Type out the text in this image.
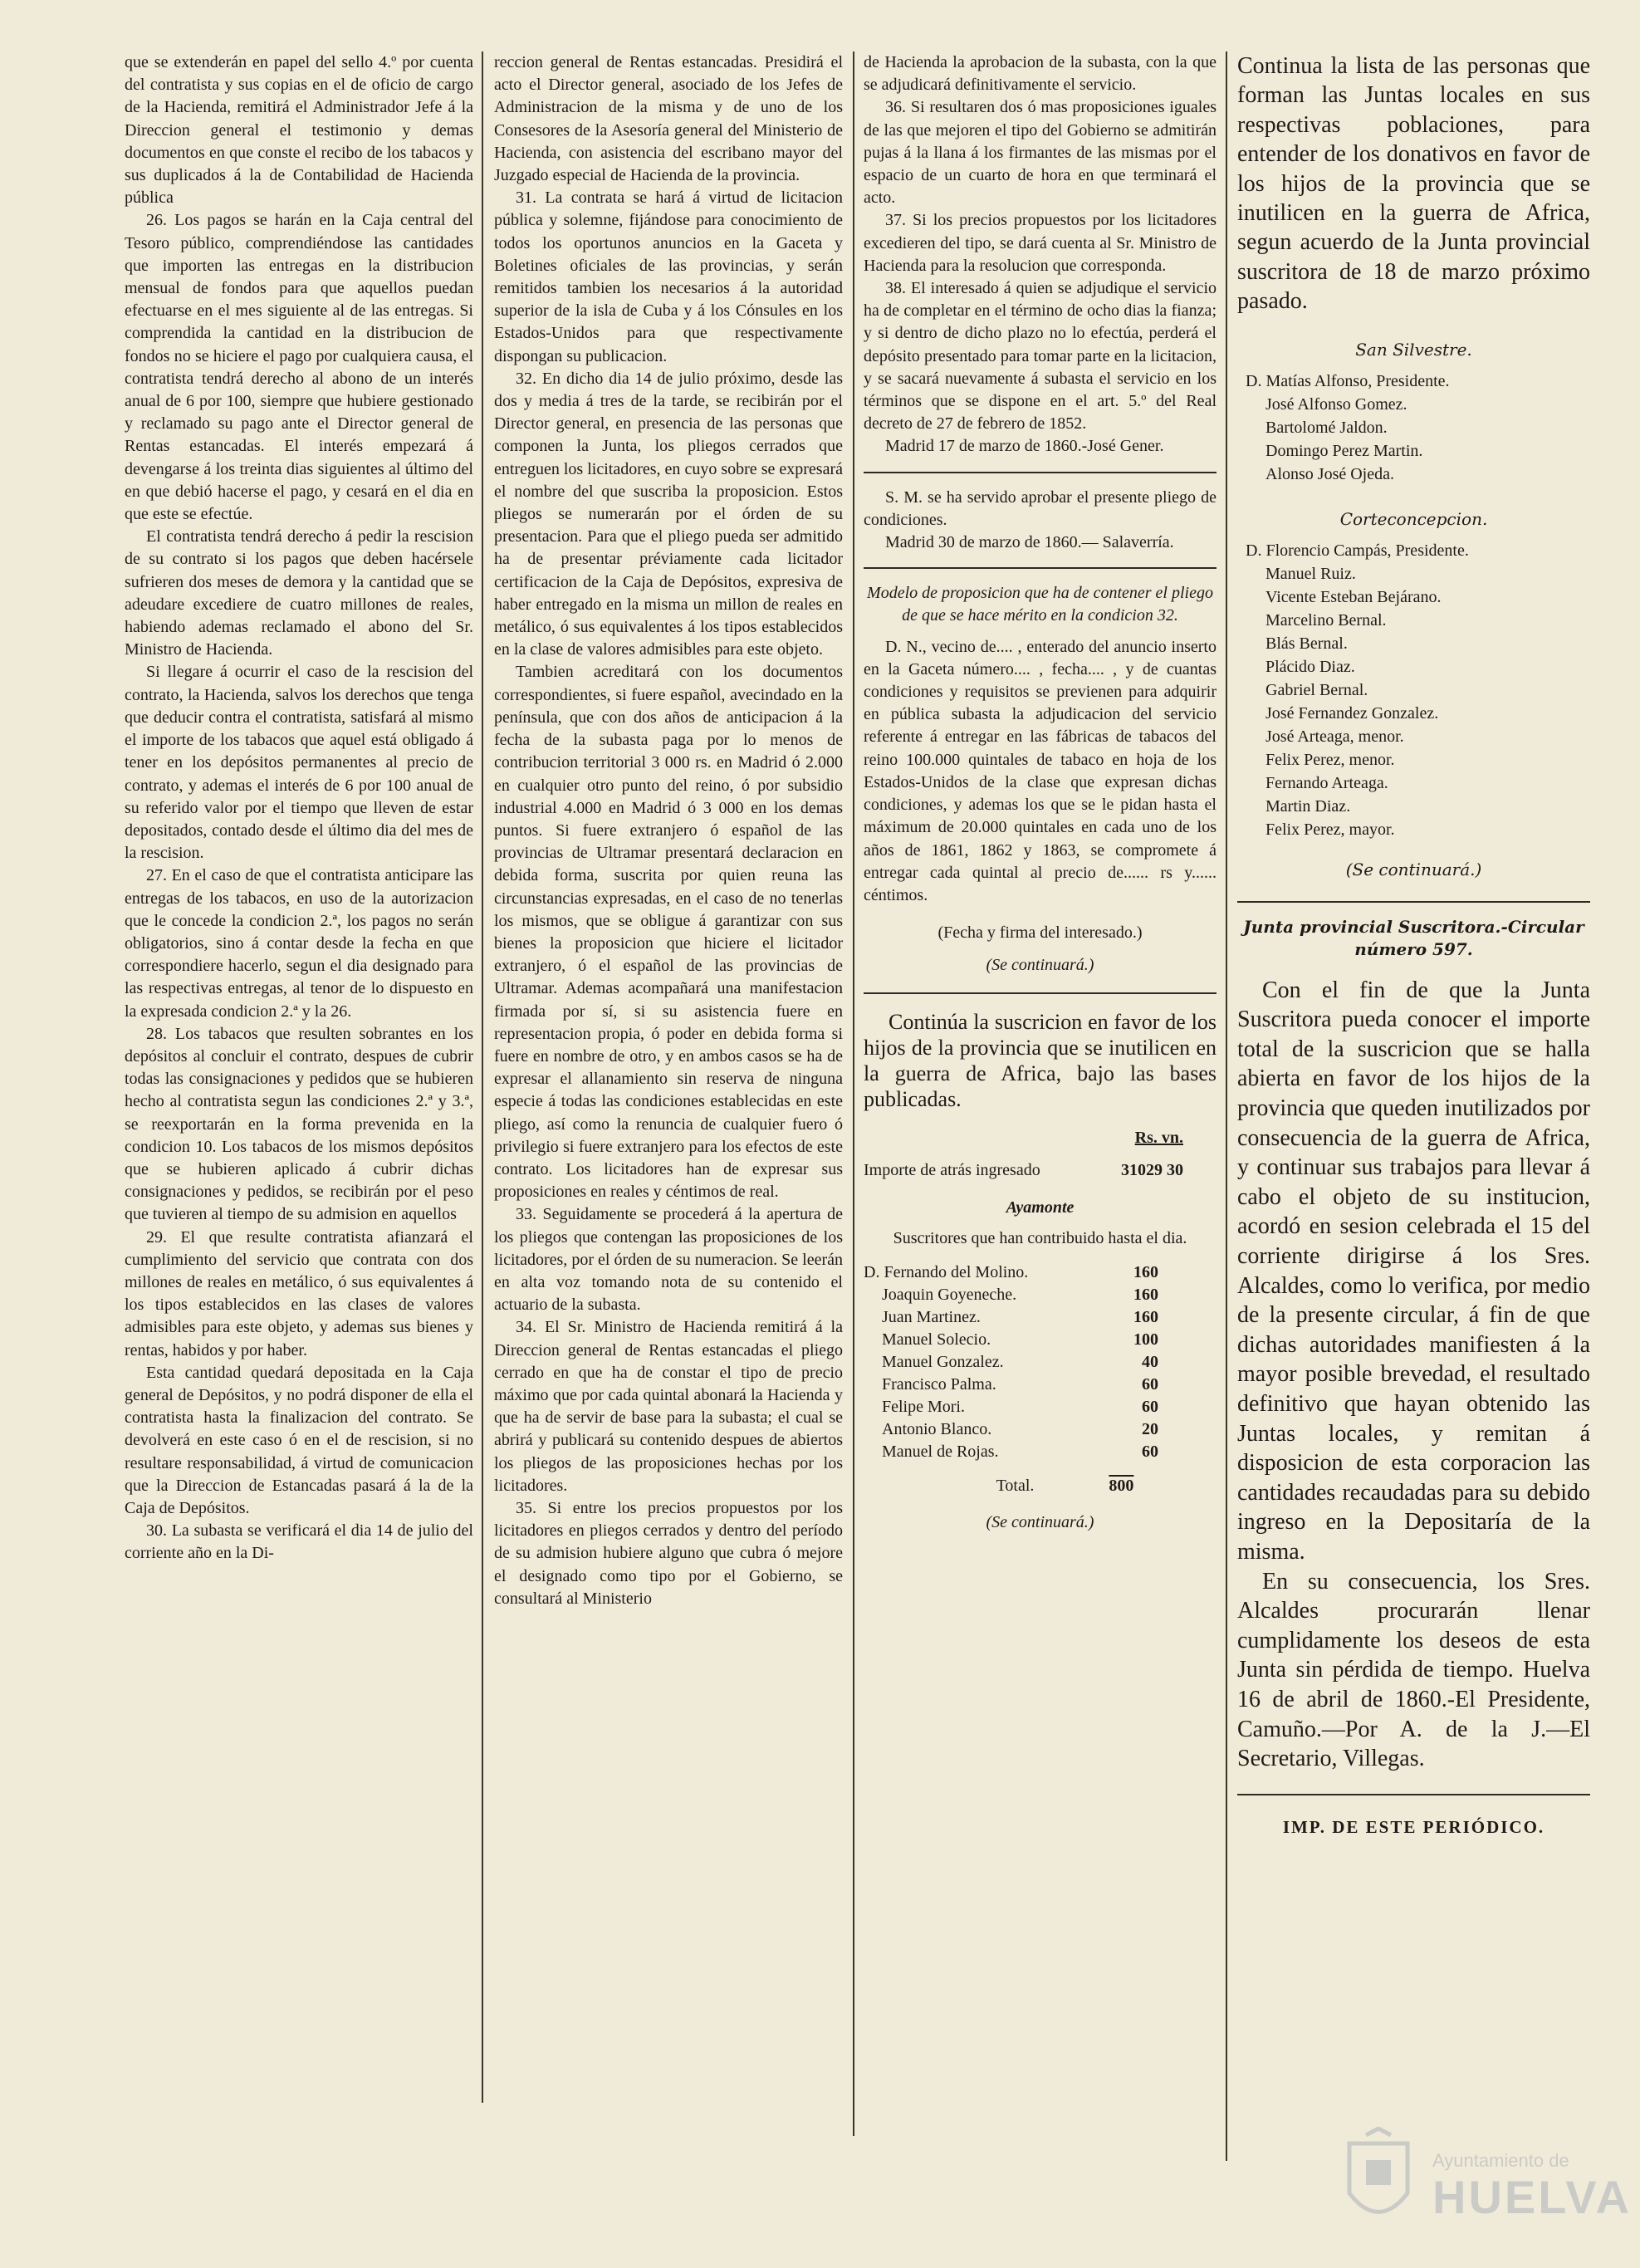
que se extenderán en papel del sello 4.º por cuenta del contratista y sus copias en el de oficio de cargo de la Hacienda, remitirá el Administrador Jefe á la Direccion general el testimonio y demas documentos en que conste el recibo de los tabacos y sus duplicados á la de Contabilidad de Hacienda pública

26. Los pagos se harán en la Caja central del Tesoro público, comprendiéndose las cantidades que importen las entregas en la distribucion mensual de fondos para que aquellos puedan efectuarse en el mes siguiente al de las entregas. Si comprendida la cantidad en la distribucion de fondos no se hiciere el pago por cualquiera causa, el contratista tendrá derecho al abono de un interés anual de 6 por 100, siempre que hubiere gestionado y reclamado su pago ante el Director general de Rentas estancadas. El interés empezará á devengarse á los treinta dias siguientes al último del en que debió hacerse el pago, y cesará en el dia en que este se efectúe.

El contratista tendrá derecho á pedir la rescision de su contrato si los pagos que deben hacérsele sufrieren dos meses de demora y la cantidad que se adeudare excediere de cuatro millones de reales, habiendo ademas reclamado el abono del Sr. Ministro de Hacienda.

Si llegare á ocurrir el caso de la rescision del contrato, la Hacienda, salvos los derechos que tenga que deducir contra el contratista, satisfará al mismo el importe de los tabacos que aquel está obligado á tener en los depósitos permanentes al precio de contrato, y ademas el interés de 6 por 100 anual de su referido valor por el tiempo que lleven de estar depositados, contado desde el último dia del mes de la rescision.

27. En el caso de que el contratista anticipare las entregas de los tabacos, en uso de la autorizacion que le concede la condicion 2.ª, los pagos no serán obligatorios, sino á contar desde la fecha en que correspondiere hacerlo, segun el dia designado para las respectivas entregas, al tenor de lo dispuesto en la expresada condicion 2.ª y la 26.

28. Los tabacos que resulten sobrantes en los depósitos al concluir el contrato, despues de cubrir todas las consignaciones y pedidos que se hubieren hecho al contratista segun las condiciones 2.ª y 3.ª, se reexportarán en la forma prevenida en la condicion 10. Los tabacos de los mismos depósitos que se hubieren aplicado á cubrir dichas consignaciones y pedidos, se recibirán por el peso que tuvieren al tiempo de su admision en aquellos

29. El que resulte contratista afianzará el cumplimiento del servicio que contrata con dos millones de reales en metálico, ó sus equivalentes á los tipos establecidos en las clases de valores admisibles para este objeto, y ademas sus bienes y rentas, habidos y por haber.

Esta cantidad quedará depositada en la Caja general de Depósitos, y no podrá disponer de ella el contratista hasta la finalizacion del contrato. Se devolverá en este caso ó en el de rescision, si no resultare responsabilidad, á virtud de comunicacion que la Direccion de Estancadas pasará á la de la Caja de Depósitos.

30. La subasta se verificará el dia 14 de julio del corriente año en la Di-

reccion general de Rentas estancadas. Presidirá el acto el Director general, asociado de los Jefes de Administracion de la misma y de uno de los Consesores de la Asesoría general del Ministerio de Hacienda, con asistencia del escribano mayor del Juzgado especial de Hacienda de la provincia.

31. La contrata se hará á virtud de licitacion pública y solemne, fijándose para conocimiento de todos los oportunos anuncios en la Gaceta y Boletines oficiales de las provincias, y serán remitidos tambien los necesarios á la autoridad superior de la isla de Cuba y á los Cónsules en los Estados-Unidos para que respectivamente dispongan su publicacion.

32. En dicho dia 14 de julio próximo, desde las dos y media á tres de la tarde, se recibirán por el Director general, en presencia de las personas que componen la Junta, los pliegos cerrados que entreguen los licitadores, en cuyo sobre se expresará el nombre del que suscriba la proposicion. Estos pliegos se numerarán por el órden de su presentacion. Para que el pliego pueda ser admitido ha de presentar préviamente cada licitador certificacion de la Caja de Depósitos, expresiva de haber entregado en la misma un millon de reales en metálico, ó sus equivalentes á los tipos establecidos en la clase de valores admisibles para este objeto.

Tambien acreditará con los documentos correspondientes, si fuere español, avecindado en la península, que con dos años de anticipacion á la fecha de la subasta paga por lo menos de contribucion territorial 3 000 rs. en Madrid ó 2.000 en cualquier otro punto del reino, ó por subsidio industrial 4.000 en Madrid ó 3 000 en los demas puntos. Si fuere extranjero ó español de las provincias de Ultramar presentará declaracion en debida forma, suscrita por quien reuna las circunstancias expresadas, en el caso de no tenerlas los mismos, que se obligue á garantizar con sus bienes la proposicion que hiciere el licitador extranjero, ó el español de las provincias de Ultramar. Ademas acompañará una manifestacion firmada por sí, si su asistencia fuere en representacion propia, ó poder en debida forma si fuere en nombre de otro, y en ambos casos se ha de expresar el allanamiento sin reserva de ninguna especie á todas las condiciones establecidas en este pliego, así como la renuncia de cualquier fuero ó privilegio si fuere extranjero para los efectos de este contrato. Los licitadores han de expresar sus proposiciones en reales y céntimos de real.

33. Seguidamente se procederá á la apertura de los pliegos que contengan las proposiciones de los licitadores, por el órden de su numeracion. Se leerán en alta voz tomando nota de su contenido el actuario de la subasta.

34. El Sr. Ministro de Hacienda remitirá á la Direccion general de Rentas estancadas el pliego cerrado en que ha de constar el tipo de precio máximo que por cada quintal abonará la Hacienda y que ha de servir de base para la subasta; el cual se abrirá y publicará su contenido despues de abiertos los pliegos de las proposiciones hechas por los licitadores.

35. Si entre los precios propuestos por los licitadores en pliegos cerrados y dentro del período de su admision hubiere alguno que cubra ó mejore el designado como tipo por el Gobierno, se consultará al Ministerio

de Hacienda la aprobacion de la subasta, con la que se adjudicará definitivamente el servicio.

36. Si resultaren dos ó mas proposiciones iguales de las que mejoren el tipo del Gobierno se admitirán pujas á la llana á los firmantes de las mismas por el espacio de un cuarto de hora en que terminará el acto.

37. Si los precios propuestos por los licitadores excedieren del tipo, se dará cuenta al Sr. Ministro de Hacienda para la resolucion que corresponda.

38. El interesado á quien se adjudique el servicio ha de completar en el término de ocho dias la fianza; y si dentro de dicho plazo no lo efectúa, perderá el depósito presentado para tomar parte en la licitacion, y se sacará nuevamente á subasta el servicio en los términos que se dispone en el art. 5.º del Real decreto de 27 de febrero de 1852.

Madrid 17 de marzo de 1860.-José Gener.

S. M. se ha servido aprobar el presente pliego de condiciones.

Madrid 30 de marzo de 1860.— Salaverría.

Modelo de proposicion que ha de contener el pliego de que se hace mérito en la condicion 32.

D. N., vecino de.... , enterado del anuncio inserto en la Gaceta número.... , fecha.... , y de cuantas condiciones y requisitos se previenen para adquirir en pública subasta la adjudicacion del servicio referente á entregar en las fábricas de tabacos del reino 100.000 quintales de tabaco en hoja de los Estados-Unidos de la clase que expresan dichas condiciones, y ademas los que se le pidan hasta el máximum de 20.000 quintales en cada uno de los años de 1861, 1862 y 1863, se compromete á entregar cada quintal al precio de...... rs y...... céntimos.

(Fecha y firma del interesado.)

(Se continuará.)

Continúa la suscricion en favor de los hijos de la provincia que se inutilicen en la guerra de Africa, bajo las bases publicadas.

Rs. vn.

Importe de atrás ingresado	31029 30

Ayamonte

Suscritores que han contribuido hasta el dia.

D. Fernando del Molino.	160
Joaquin Goyeneche.	160
Juan Martinez.	160
Manuel Solecio.	100
Manuel Gonzalez.	40
Francisco Palma.	60
Felipe Mori.	60
Antonio Blanco.	20
Manuel de Rojas.	60
Total.	800

(Se continuará.)

Continua la lista de las personas que forman las Juntas locales en sus respectivas poblaciones, para entender de los donativos en favor de los hijos de la provincia que se inutilicen en la guerra de Africa, segun acuerdo de la Junta provincial suscritora de 18 de marzo próximo pasado.

San Silvestre.

D. Matías Alfonso, Presidente.

José Alfonso Gomez.

Bartolomé Jaldon.

Domingo Perez Martin.

Alonso José Ojeda.

Corteconcepcion.

D. Florencio Campás, Presidente.

Manuel Ruiz.

Vicente Esteban Bejárano.

Marcelino Bernal.

Blás Bernal.

Plácido Diaz.

Gabriel Bernal.

José Fernandez Gonzalez.

José Arteaga, menor.

Felix Perez, menor.

Fernando Arteaga.

Martin Diaz.

Felix Perez, mayor.

(Se continuará.)

Junta provincial Suscritora.-Circular número 597.

Con el fin de que la Junta Suscritora pueda conocer el importe total de la suscricion que se halla abierta en favor de los hijos de la provincia que queden inutilizados por consecuencia de la guerra de Africa, y continuar sus trabajos para llevar á cabo el objeto de su institucion, acordó en sesion celebrada el 15 del corriente dirigirse á los Sres. Alcaldes, como lo verifica, por medio de la presente circular, á fin de que dichas autoridades manifiesten á la mayor posible brevedad, el resultado definitivo que hayan obtenido las Juntas locales, y remitan á disposicion de esta corporacion las cantidades recaudadas para su debido ingreso en la Depositaría de la misma.

En su consecuencia, los Sres. Alcaldes procurarán llenar cumplidamente los deseos de esta Junta sin pérdida de tiempo. Huelva 16 de abril de 1860.-El Presidente, Camuño.—Por A. de la J.—El Secretario, Villegas.

IMP. DE ESTE PERIÓDICO.
Ayuntamiento de
HUELVA
